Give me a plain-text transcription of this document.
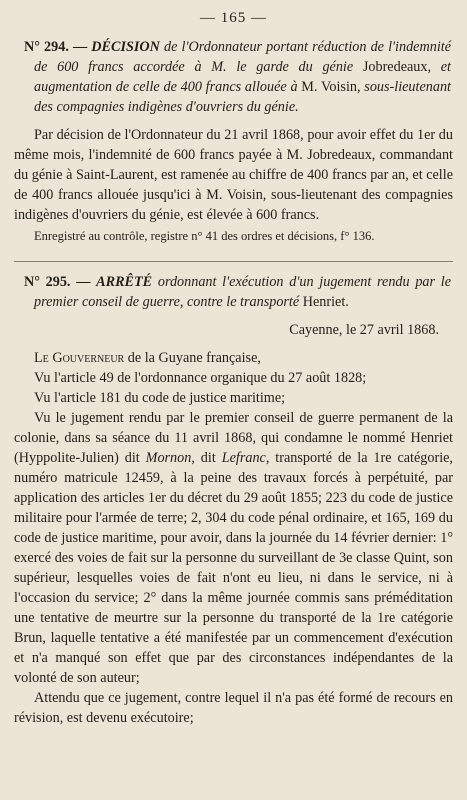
— 165 —
N° 294. — DÉCISION de l'Ordonnateur portant réduction de l'indemnité de 600 francs accordée à M. le garde du génie Jobredeaux, et augmentation de celle de 400 francs allouée à M. Voisin, sous-lieutenant des compagnies indigènes d'ouvriers du génie.

Par décision de l'Ordonnateur du 21 avril 1868, pour avoir effet du 1er du même mois, l'indemnité de 600 francs payée à M. Jobredeaux, commandant du génie à Saint-Laurent, est ramenée au chiffre de 400 francs par an, et celle de 400 francs allouée jusqu'ici à M. Voisin, sous-lieutenant des compagnies indigènes d'ouvriers du génie, est élevée à 600 francs.

Enregistré au contrôle, registre n° 41 des ordres et décisions, f° 136.

N° 295. — ARRÊTÉ ordonnant l'exécution d'un jugement rendu par le premier conseil de guerre, contre le transporté Henriet.
Cayenne, le 27 avril 1868.

Le Gouverneur de la Guyane française,

Vu l'article 49 de l'ordonnance organique du 27 août 1828;

Vu l'article 181 du code de justice maritime;

Vu le jugement rendu par le premier conseil de guerre permanent de la colonie, dans sa séance du 11 avril 1868, qui condamne le nommé Henriet (Hyppolite-Julien) dit Mornon, dit Lefranc, transporté de la 1re catégorie, numéro matricule 12459, à la peine des travaux forcés à perpétuité, par application des articles 1er du décret du 29 août 1855; 223 du code de justice militaire pour l'armée de terre; 2, 304 du code pénal ordinaire, et 165, 169 du code de justice maritime, pour avoir, dans la journée du 14 février dernier: 1° exercé des voies de fait sur la personne du surveillant de 3e classe Quint, son supérieur, lesquelles voies de fait n'ont eu lieu, ni dans le service, ni à l'occasion du service; 2° dans la même journée commis sans préméditation une tentative de meurtre sur la personne du transporté de la 1re catégorie Brun, laquelle tentative a été manifestée par un commencement d'exécution et n'a manqué son effet que par des circonstances indépendantes de la volonté de son auteur;

Attendu que ce jugement, contre lequel il n'a pas été formé de recours en révision, est devenu exécutoire;
